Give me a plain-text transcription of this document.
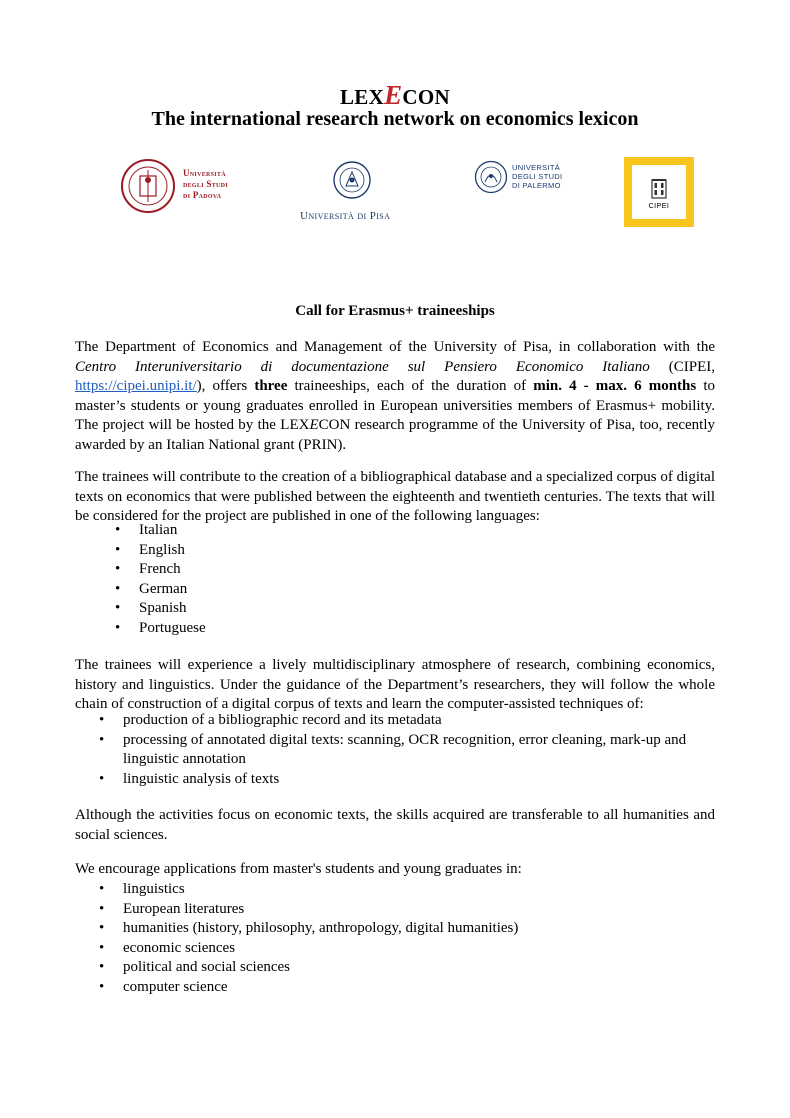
LEXECON
The international research network on economics lexicon
Università
degli Studi
di Padova
Università di Pisa
UNIVERSITÀ
DEGLI STUDI
DI PALERMO
CIPEI
Call for Erasmus+ traineeships

The Department of Economics and Management of the University of Pisa, in collaboration with the Centro Interuniversitario di documentazione sul Pensiero Economico Italiano (CIPEI, https://cipei.unipi.it/), offers three traineeships, each of the duration of min. 4 - max. 6 months to master’s students or young graduates enrolled in European universities members of Erasmus+ mobility. The project will be hosted by the LEXECON research programme of the University of Pisa, too, recently awarded by an Italian National grant (PRIN).

The trainees will contribute to the creation of a bibliographical database and a specialized corpus of digital texts on economics that were published between the eighteenth and twentieth centuries. The texts that will be considered for the project are published in one of the following languages:

• Italian
• English
• French
• German
• Spanish
• Portuguese

The trainees will experience a lively multidisciplinary atmosphere of research, combining economics, history and linguistics. Under the guidance of the Department’s researchers, they will follow the whole chain of construction of a digital corpus of texts and learn the computer-assisted techniques of:

• production of a bibliographic record and its metadata
• processing of annotated digital texts: scanning, OCR recognition, error cleaning, mark-up and linguistic annotation
• linguistic analysis of texts

Although the activities focus on economic texts, the skills acquired are transferable to all humanities and social sciences.

We encourage applications from master's students and young graduates in:

• linguistics
• European literatures
• humanities (history, philosophy, anthropology, digital humanities)
• economic sciences
• political and social sciences
• computer science
